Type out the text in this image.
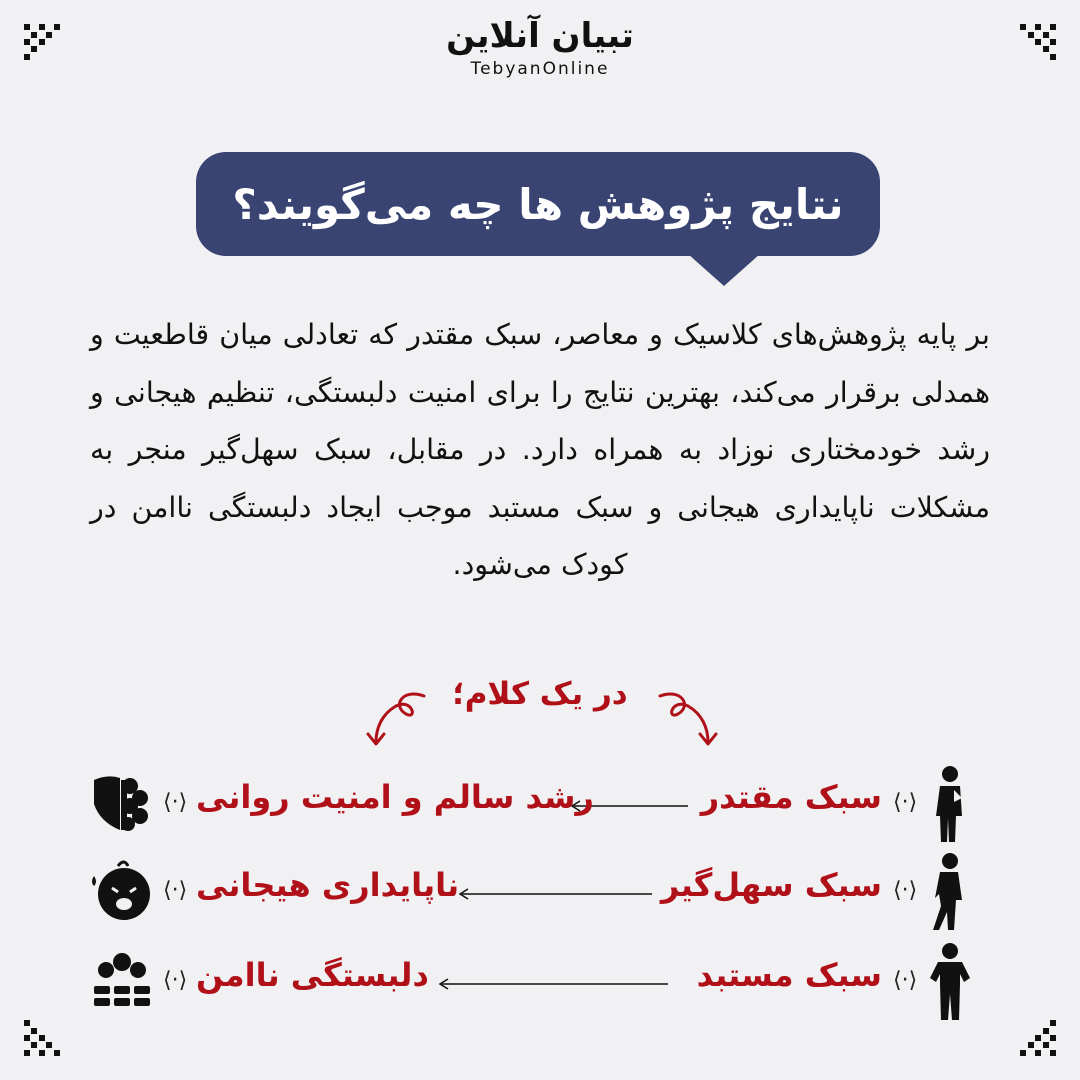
تبیان آنلاین
TebyanOnline
نتایج پژوهش ها چه می‌گویند؟
بر پایه پژوهش‌های کلاسیک و معاصر، سبک مقتدر که تعادلی میان قاطعیت و همدلی برقرار می‌کند، بهترین نتایج را برای امنیت دلبستگی، تنظیم هیجانی و رشد خودمختاری نوزاد به همراه دارد. در مقابل، سبک سهل‌گیر منجر به مشکلات ناپایداری هیجانی و سبک مستبد موجب ایجاد دلبستگی ناامن در کودک می‌شود.
در یک کلام؛
⟨·⟩
سبک مقتدر
رشد سالم و امنیت روانی
⟨·⟩
⟨·⟩
سبک سهل‌گیر
ناپایداری هیجانی
⟨·⟩
⟨·⟩
سبک مستبد
دلبستگی ناامن
⟨·⟩
